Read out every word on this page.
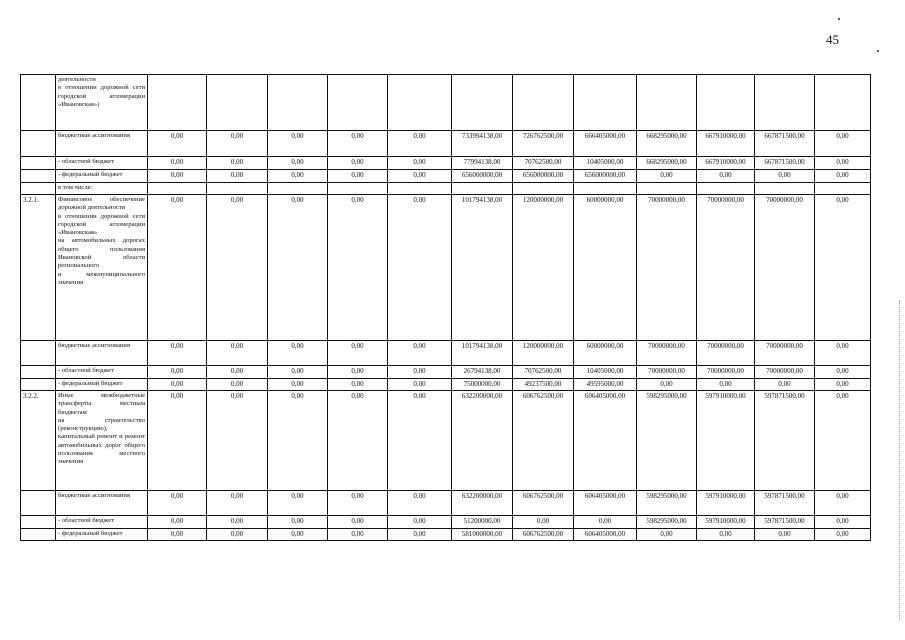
45
	деятельности
в отношении дорожной сети городской агломерации «Ивановская»)												
	бюджетные ассигнования	0,00	0,00	0,00	0,00	0,00	733994138,00	726762500,00	666405000,00	668295000,00	667910000,00	667871500,00	0,00
	- областной бюджет	0,00	0,00	0,00	0,00	0,00	77994138,00	70762500,00	10405000,00	668295000,00	667910000,00	667871500,00	0,00
	- федеральный бюджет	0,00	0,00	0,00	0,00	0,00	656000000,00	656000000,00	656000000,00	0,00	0,00	0,00	0,00
	в том числе:												
3.2.1.	Финансовое обеспечение дорожной деятельности
в отношении дорожной сети городской агломерации «Ивановская»
на автомобильных дорогах общего пользования Ивановской области регионального
и межмуниципального значения	0,00	0,00	0,00	0,00	0,00	101794138,00	120000000,00	60000000,00	70000000,00	70000000,00	70000000,00	0,00
	бюджетные ассигнования	0,00	0,00	0,00	0,00	0,00	101794138,00	120000000,00	60000000,00	70000000,00	70000000,00	70000000,00	0,00
	- областной бюджет	0,00	0,00	0,00	0,00	0,00	26794138,00	70762500,00	10405000,00	70000000,00	70000000,00	70000000,00	0,00
	- федеральный бюджет	0,00	0,00	0,00	0,00	0,00	75000000,00	49237500,00	49595000,00	0,00	0,00	0,00	0,00
3.2.2.	Иные межбюджетные трансферты местным бюджетам
на строительство (реконструкцию), капитальный ремонт и ремонт автомобильных дорог общего пользования местного значения	0,00	0,00	0,00	0,00	0,00	632200000,00	606762500,00	606405000,00	598295000,00	597910000,00	597871500,00	0,00
	бюджетные ассигнования	0,00	0,00	0,00	0,00	0,00	632200000,00	606762500,00	606405000,00	598295000,00	597910000,00	597871500,00	0,00
	- областной бюджет	0,00	0,00	0,00	0,00	0,00	51200000,00	0,00	0,00	598295000,00	597910000,00	597871500,00	0,00
	- федеральный бюджет	0,00	0,00	0,00	0,00	0,00	581000000,00	606762500,00	606405000,00	0,00	0,00	0,00	0,00
